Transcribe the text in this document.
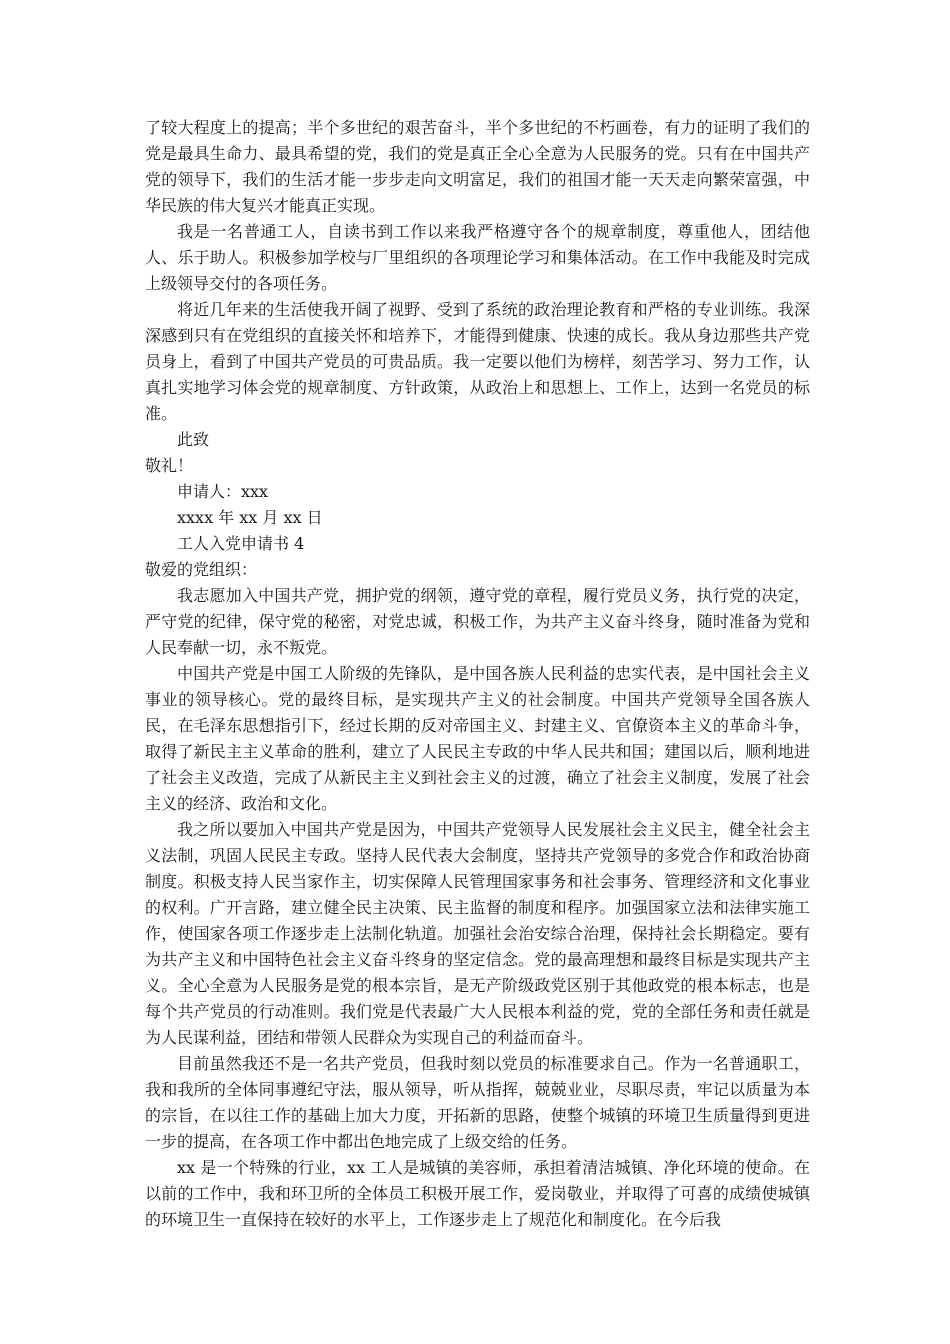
了较大程度上的提高；半个多世纪的艰苦奋斗，半个多世纪的不朽画卷，有力的证明了我们的党是最具生命力、最具希望的党，我们的党是真正全心全意为人民服务的党。只有在中国共产党的领导下，我们的生活才能一步步走向文明富足，我们的祖国才能一天天走向繁荣富强，中华民族的伟大复兴才能真正实现。

我是一名普通工人，自读书到工作以来我严格遵守各个的规章制度，尊重他人，团结他人、乐于助人。积极参加学校与厂里组织的各项理论学习和集体活动。在工作中我能及时完成上级领导交付的各项任务。

将近几年来的生活使我开阔了视野、受到了系统的政治理论教育和严格的专业训练。我深深感到只有在党组织的直接关怀和培养下，才能得到健康、快速的成长。我从身边那些共产党员身上，看到了中国共产党员的可贵品质。我一定要以他们为榜样，刻苦学习、努力工作，认真扎实地学习体会党的规章制度、方针政策，从政治上和思想上、工作上，达到一名党员的标准。

此致

敬礼！

申请人：xxx

xxxx 年 xx 月 xx 日

工人入党申请书 4

敬爱的党组织：

我志愿加入中国共产党，拥护党的纲领，遵守党的章程，履行党员义务，执行党的决定，严守党的纪律，保守党的秘密，对党忠诚，积极工作，为共产主义奋斗终身，随时准备为党和人民奉献一切，永不叛党。

中国共产党是中国工人阶级的先锋队，是中国各族人民利益的忠实代表，是中国社会主义事业的领导核心。党的最终目标，是实现共产主义的社会制度。中国共产党领导全国各族人民，在毛泽东思想指引下，经过长期的反对帝国主义、封建主义、官僚资本主义的革命斗争，取得了新民主主义革命的胜利，建立了人民民主专政的中华人民共和国；建国以后，顺利地进了社会主义改造，完成了从新民主主义到社会主义的过渡，确立了社会主义制度，发展了社会主义的经济、政治和文化。

我之所以要加入中国共产党是因为，中国共产党领导人民发展社会主义民主，健全社会主义法制，巩固人民民主专政。坚持人民代表大会制度，坚持共产党领导的多党合作和政治协商制度。积极支持人民当家作主，切实保障人民管理国家事务和社会事务、管理经济和文化事业的权利。广开言路，建立健全民主决策、民主监督的制度和程序。加强国家立法和法律实施工作，使国家各项工作逐步走上法制化轨道。加强社会治安综合治理，保持社会长期稳定。要有为共产主义和中国特色社会主义奋斗终身的坚定信念。党的最高理想和最终目标是实现共产主义。全心全意为人民服务是党的根本宗旨，是无产阶级政党区别于其他政党的根本标志，也是每个共产党员的行动准则。我们党是代表最广大人民根本利益的党，党的全部任务和责任就是为人民谋利益，团结和带领人民群众为实现自己的利益而奋斗。

目前虽然我还不是一名共产党员，但我时刻以党员的标准要求自己。作为一名普通职工，我和我所的全体同事遵纪守法，服从领导，听从指挥，兢兢业业，尽职尽责，牢记以质量为本的宗旨，在以往工作的基础上加大力度，开拓新的思路，使整个城镇的环境卫生质量得到更进一步的提高，在各项工作中都出色地完成了上级交给的任务。

xx 是一个特殊的行业，xx 工人是城镇的美容师，承担着清洁城镇、净化环境的使命。在以前的工作中，我和环卫所的全体员工积极开展工作，爱岗敬业，并取得了可喜的成绩使城镇的环境卫生一直保持在较好的水平上，工作逐步走上了规范化和制度化。在今后我
